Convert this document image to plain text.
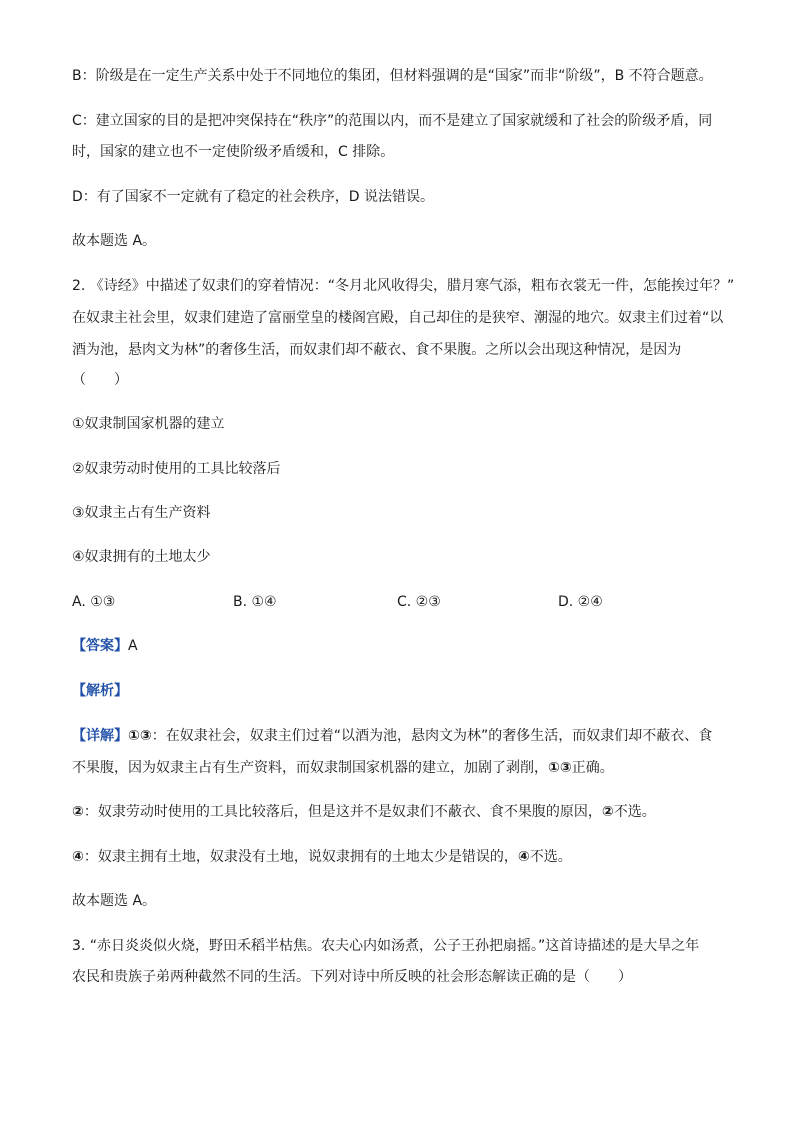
B：阶级是在一定生产关系中处于不同地位的集团，但材料强调的是“国家”而非“阶级”，B 不符合题意。
C：建立国家的目的是把冲突保持在“秩序”的范围以内，而不是建立了国家就缓和了社会的阶级矛盾，同
时，国家的建立也不一定使阶级矛盾缓和，C 排除。
D：有了国家不一定就有了稳定的社会秩序，D 说法错误。
故本题选 A。
2. 《诗经》中描述了奴隶们的穿着情况：“冬月北风收得尖，腊月寒气添，粗布衣裳无一件，怎能挨过年？”
在奴隶主社会里，奴隶们建造了富丽堂皇的楼阁宫殿，自己却住的是狭窄、潮湿的地穴。奴隶主们过着“以
酒为池，悬肉文为林”的奢侈生活，而奴隶们却不蔽衣、食不果腹。之所以会出现这种情况，是因为
（　　）
①奴隶制国家机器的建立
②奴隶劳动时使用的工具比较落后
③奴隶主占有生产资料
④奴隶拥有的土地太少
A. ①③	B. ①④	C. ②③	D. ②④
【答案】A
【解析】
【详解】①③：在奴隶社会，奴隶主们过着“以酒为池，悬肉文为林”的奢侈生活，而奴隶们却不蔽衣、食
不果腹，因为奴隶主占有生产资料，而奴隶制国家机器的建立，加剧了剥削，①③正确。
②：奴隶劳动时使用的工具比较落后，但是这并不是奴隶们不蔽衣、食不果腹的原因，②不选。
④：奴隶主拥有土地，奴隶没有土地，说奴隶拥有的土地太少是错误的，④不选。
故本题选 A。
3. “赤日炎炎似火烧，野田禾稻半枯焦。农夫心内如汤煮，公子王孙把扇摇。”这首诗描述的是大旱之年
农民和贵族子弟两种截然不同的生活。下列对诗中所反映的社会形态解读正确的是（　　）
